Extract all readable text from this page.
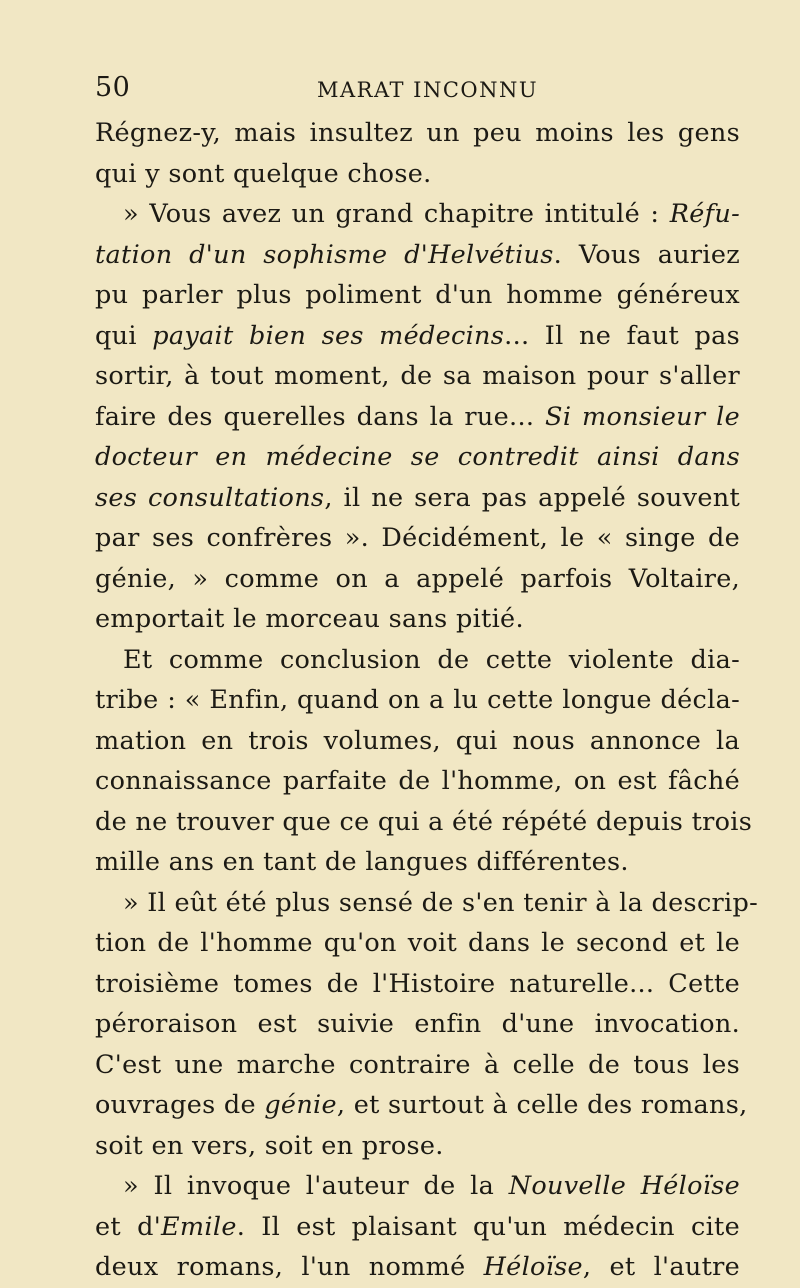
50	MARAT INCONNU
Régnez-y, mais insultez un peu moins les gens
qui y sont quelque chose.
» Vous avez un grand chapitre intitulé : Réfu-
tation d'un sophisme d'Helvétius. Vous auriez
pu parler plus poliment d'un homme généreux
qui payait bien ses médecins... Il ne faut pas
sortir, à tout moment, de sa maison pour s'aller
faire des querelles dans la rue... Si monsieur le
docteur en médecine se contredit ainsi dans
ses consultations, il ne sera pas appelé souvent
par ses confrères ». Décidément, le « singe de
génie, » comme on a appelé parfois Voltaire,
emportait le morceau sans pitié.
Et comme conclusion de cette violente dia-
tribe : « Enfin, quand on a lu cette longue décla-
mation en trois volumes, qui nous annonce la
connaissance parfaite de l'homme, on est fâché
de ne trouver que ce qui a été répété depuis trois
mille ans en tant de langues différentes.
» Il eût été plus sensé de s'en tenir à la descrip-
tion de l'homme qu'on voit dans le second et le
troisième tomes de l'Histoire naturelle... Cette
péroraison est suivie enfin d'une invocation.
C'est une marche contraire à celle de tous les
ouvrages de génie, et surtout à celle des romans,
soit en vers, soit en prose.
» Il invoque l'auteur de la Nouvelle Héloïse
et d'Emile. Il est plaisant qu'un médecin cite
deux romans, l'un nommé Héloïse, et l'autre
